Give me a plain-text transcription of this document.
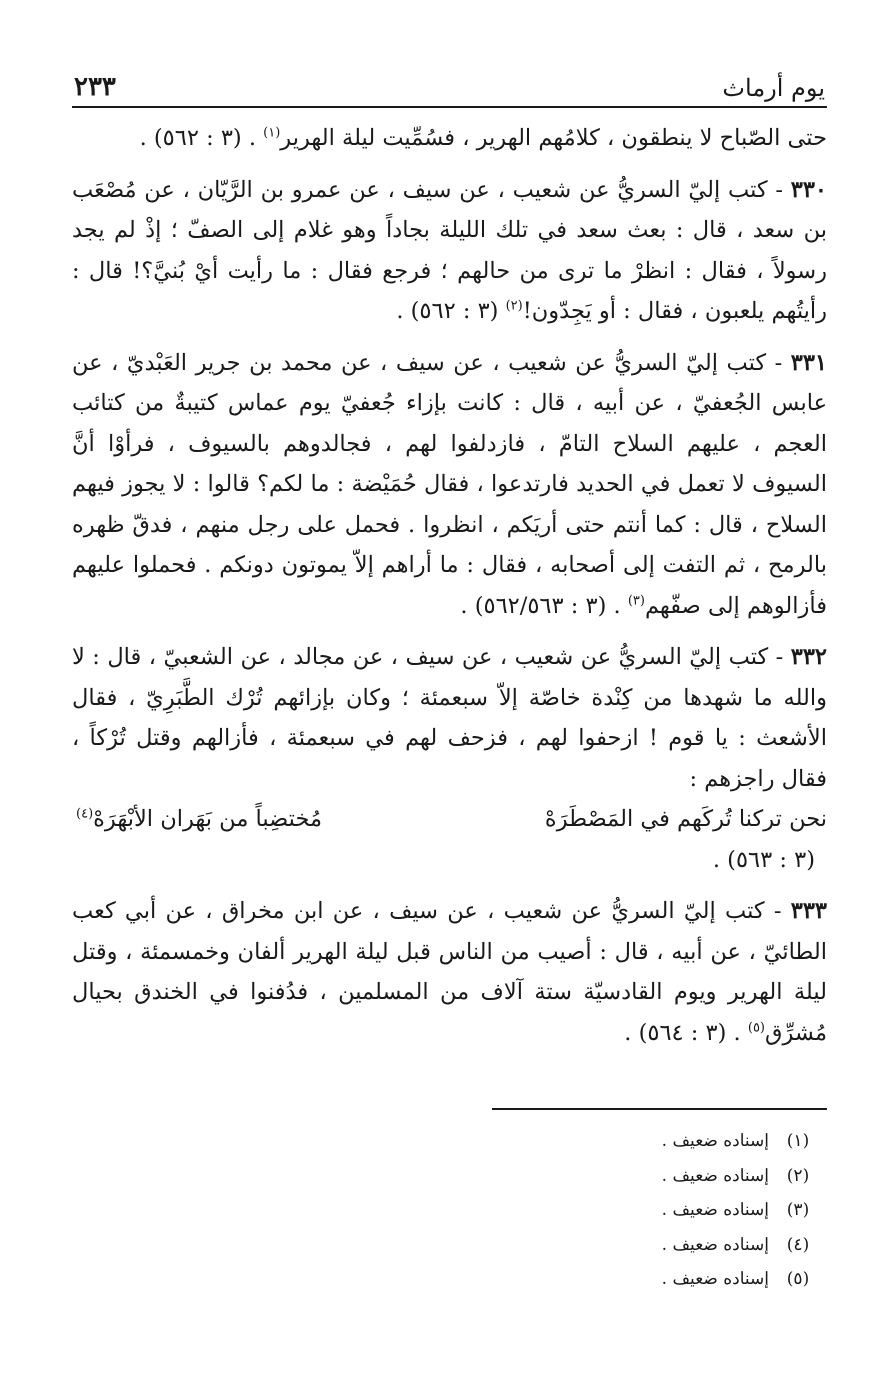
يوم أرماث
٢٣٣

حتى الصّباح لا ينطقون ، كلامُهم الهرير ، فسُمِّيت ليلة الهرير$^{(١)}$ . (٣ : ٥٦٢) .

٣٣٠ - كتب إليّ السريُّ عن شعيب ، عن سيف ، عن عمرو بن الرَّيّان ، عن مُصْعَب بن سعد ، قال : بعث سعد في تلك الليلة بجاداً وهو غلام إلى الصفّ ؛ إذْ لم يجد رسولاً ، فقال : انظرْ ما ترى من حالهم ؛ فرجع فقال : ما رأيت أيْ بُنيَّ؟! قال : رأيتُهم يلعبون ، فقال : أو يَجِدّون!$^{(٢)}$ (٣ : ٥٦٢) .

٣٣١ - كتب إليّ السريُّ عن شعيب ، عن سيف ، عن محمد بن جرير العَبْديّ ، عن عابس الجُعفيّ ، عن أبيه ، قال : كانت بإزاء جُعفيّ يوم عماس كتيبةٌ من كتائب العجم ، عليهم السلاح التامّ ، فازدلفوا لهم ، فجالدوهم بالسيوف ، فرأوْا أنَّ السيوف لا تعمل في الحديد فارتدعوا ، فقال حُمَيْضة : ما لكم؟ قالوا : لا يجوز فيهم السلاح ، قال : كما أنتم حتى أريَكم ، انظروا . فحمل على رجل منهم ، فدقّ ظهره بالرمح ، ثم التفت إلى أصحابه ، فقال : ما أراهم إلاّ يموتون دونكم . فحملوا عليهم فأزالوهم إلى صفّهم$^{(٣)}$ . (٣ : ٥٦٢/٥٦٣) .

٣٣٢ - كتب إليّ السريُّ عن شعيب ، عن سيف ، عن مجالد ، عن الشعبيّ ، قال : لا والله ما شهدها من كِنْدة خاصّة إلاّ سبعمئة ؛ وكان بإزائهم تُرْك الطَّبَرِيّ ، فقال الأشعث : يا قوم ! ازحفوا لهم ، فزحف لهم في سبعمئة ، فأزالهم وقتل تُرْكاً ، فقال راجزهم :

نحن تركنا تُركَهم في المَصْطَرَهْ
مُختضِباً من بَهَران الأبْهَرَهْ$^{(٤)}$
(٣ : ٥٦٣) .

٣٣٣ - كتب إليّ السريُّ عن شعيب ، عن سيف ، عن ابن مخراق ، عن أبي كعب الطائيّ ، عن أبيه ، قال : أصيب من الناس قبل ليلة الهرير ألفان وخمسمئة ، وقتل ليلة الهرير ويوم القادسيّة ستة آلاف من المسلمين ، فدُفنوا في الخندق بحيال مُشرِّق$^{(٥)}$ . (٣ : ٥٦٤) .

(١)
إسناده ضعيف .
(٢)
إسناده ضعيف .
(٣)
إسناده ضعيف .
(٤)
إسناده ضعيف .
(٥)
إسناده ضعيف .
